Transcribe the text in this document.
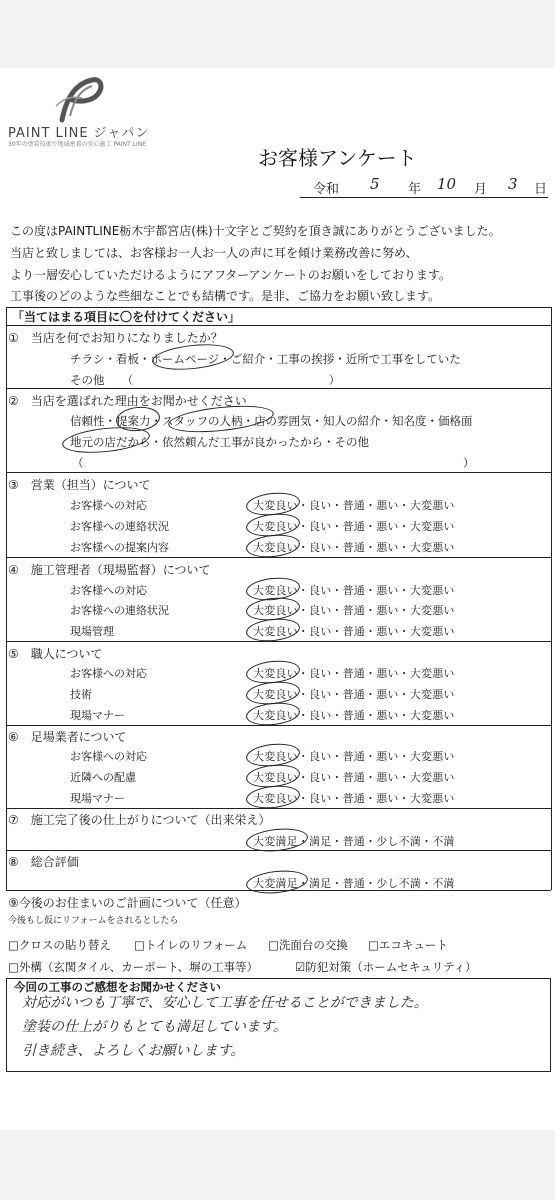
PAINT LINE ジャパン
30年の塗装技術で地域密着の安心施工 PAINT LINE
お客様アンケート
令和 5 年 10 月 3 日
この度はPAINTLINE栃木宇都宮店(株)十文字とご契約を頂き誠にありがとうございました。
当店と致しましては、お客様お一人お一人の声に耳を傾け業務改善に努め、
より一層安心していただけるようにアフターアンケートのお願いをしております。
工事後のどのような些細なことでも結構です。是非、ご協力をお願い致します。
「当てはまる項目に〇を付けてください」
①　当店を何でお知りになりましたか？
チラシ・看板・ホームページ・ご紹介・工事の挨拶・近所で工事をしていた
その他　　（　　　　　　　　　　　　　　　　　）
②　当店を選ばれた理由をお聞かせください
信頼性・提案力・スタッフの人柄・店の雰囲気・知人の紹介・知名度・価格面
地元の店だから・依然頼んだ工事が良かったから・その他
（　　　　　　　　　　　　　　　　　　　　　　　　　　　　　　　　　）
③　営業（担当）について
お客様への対応	大変良い・良い・普通・悪い・大変悪い
お客様への連絡状況	大変良い・良い・普通・悪い・大変悪い
お客様への提案内容	大変良い・良い・普通・悪い・大変悪い
④　施工管理者（現場監督）について
お客様への対応	大変良い・良い・普通・悪い・大変悪い
お客様への連絡状況	大変良い・良い・普通・悪い・大変悪い
現場管理	大変良い・良い・普通・悪い・大変悪い
⑤　職人について
お客様への対応	大変良い・良い・普通・悪い・大変悪い
技術	大変良い・良い・普通・悪い・大変悪い
現場マナー	大変良い・良い・普通・悪い・大変悪い
⑥　足場業者について
お客様への対応	大変良い・良い・普通・悪い・大変悪い
近隣への配慮	大変良い・良い・普通・悪い・大変悪い
現場マナー	大変良い・良い・普通・悪い・大変悪い
⑦　施工完了後の仕上がりについて（出来栄え）
大変満足・満足・普通・少し不満・不満
⑧　総合評価
大変満足・満足・普通・少し不満・不満
⑨今後のお住まいのご計画について（任意）
今後もし仮にリフォームをされるとしたら
□クロスの貼り替え □トイレのリフォーム □洗面台の交換 □エコキュート
□外構（玄関タイル、カーポート、塀の工事等）	☑防犯対策（ホームセキュリティ）
今回の工事のご感想をお聞かせください
対応がいつも丁寧で、安心して工事を任せることができました。
塗装の仕上がりもとても満足しています。
引き続き、よろしくお願いします。
